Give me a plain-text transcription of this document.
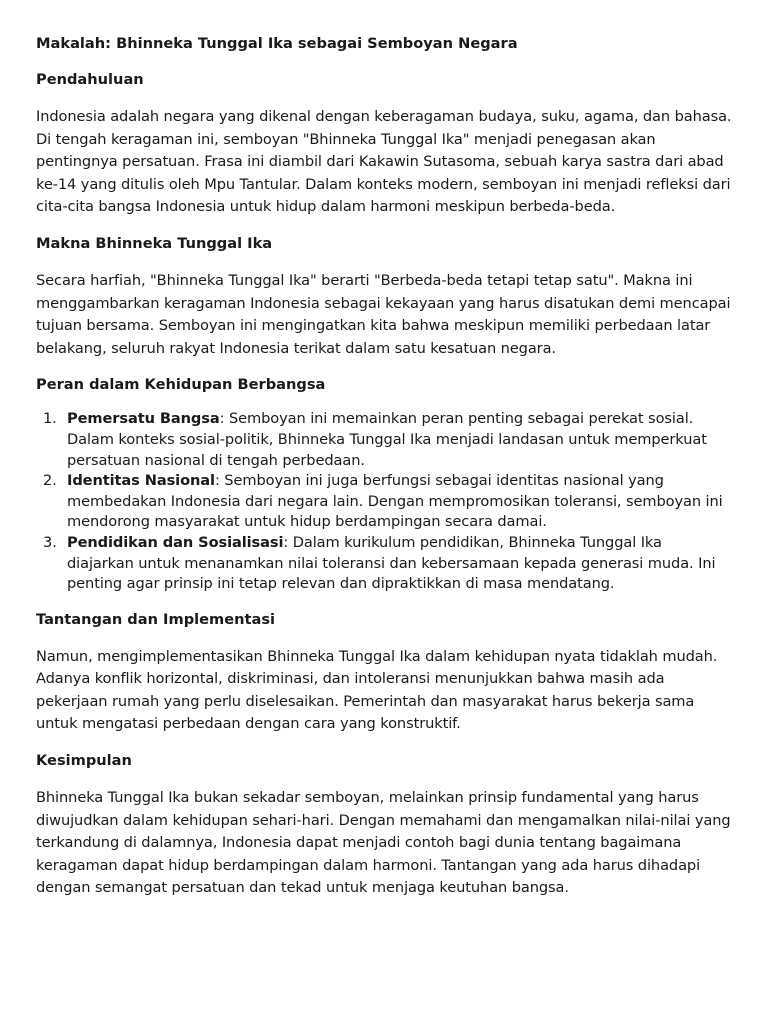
Makalah: Bhinneka Tunggal Ika sebagai Semboyan Negara
Pendahuluan

Indonesia adalah negara yang dikenal dengan keberagaman budaya, suku, agama, dan bahasa. Di tengah keragaman ini, semboyan "Bhinneka Tunggal Ika" menjadi penegasan akan pentingnya persatuan. Frasa ini diambil dari Kakawin Sutasoma, sebuah karya sastra dari abad ke-14 yang ditulis oleh Mpu Tantular. Dalam konteks modern, semboyan ini menjadi refleksi dari cita-cita bangsa Indonesia untuk hidup dalam harmoni meskipun berbeda-beda.

Makna Bhinneka Tunggal Ika

Secara harfiah, "Bhinneka Tunggal Ika" berarti "Berbeda-beda tetapi tetap satu". Makna ini menggambarkan keragaman Indonesia sebagai kekayaan yang harus disatukan demi mencapai tujuan bersama. Semboyan ini mengingatkan kita bahwa meskipun memiliki perbedaan latar belakang, seluruh rakyat Indonesia terikat dalam satu kesatuan negara.

Peran dalam Kehidupan Berbangsa
1. Pemersatu Bangsa: Semboyan ini memainkan peran penting sebagai perekat sosial. Dalam konteks sosial-politik, Bhinneka Tunggal Ika menjadi landasan untuk memperkuat persatuan nasional di tengah perbedaan.
2. Identitas Nasional: Semboyan ini juga berfungsi sebagai identitas nasional yang membedakan Indonesia dari negara lain. Dengan mempromosikan toleransi, semboyan ini mendorong masyarakat untuk hidup berdampingan secara damai.
3. Pendidikan dan Sosialisasi: Dalam kurikulum pendidikan, Bhinneka Tunggal Ika diajarkan untuk menanamkan nilai toleransi dan kebersamaan kepada generasi muda. Ini penting agar prinsip ini tetap relevan dan dipraktikkan di masa mendatang.
Tantangan dan Implementasi

Namun, mengimplementasikan Bhinneka Tunggal Ika dalam kehidupan nyata tidaklah mudah. Adanya konflik horizontal, diskriminasi, dan intoleransi menunjukkan bahwa masih ada pekerjaan rumah yang perlu diselesaikan. Pemerintah dan masyarakat harus bekerja sama untuk mengatasi perbedaan dengan cara yang konstruktif.

Kesimpulan

Bhinneka Tunggal Ika bukan sekadar semboyan, melainkan prinsip fundamental yang harus diwujudkan dalam kehidupan sehari-hari. Dengan memahami dan mengamalkan nilai-nilai yang terkandung di dalamnya, Indonesia dapat menjadi contoh bagi dunia tentang bagaimana keragaman dapat hidup berdampingan dalam harmoni. Tantangan yang ada harus dihadapi dengan semangat persatuan dan tekad untuk menjaga keutuhan bangsa.
